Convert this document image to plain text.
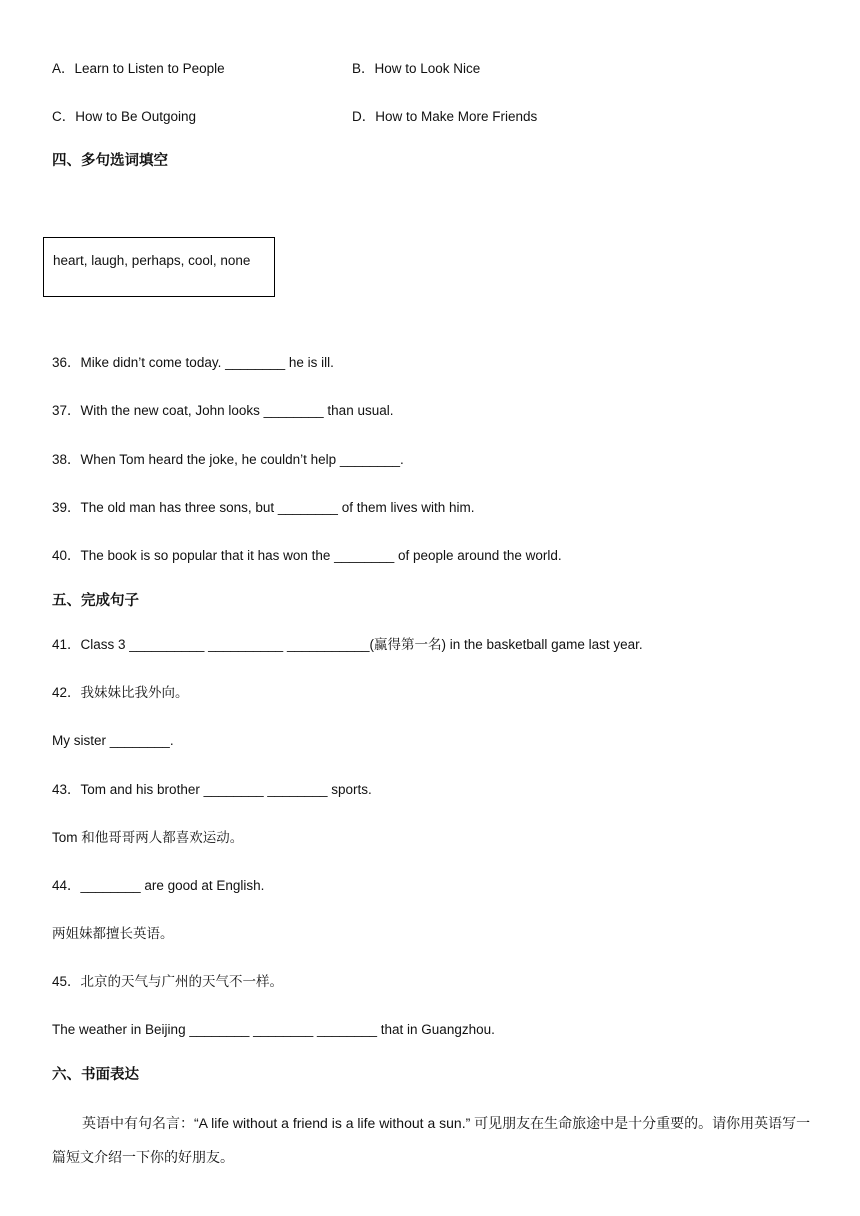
A．Learn to Listen to People	B．How to Look Nice
C．How to Be Outgoing	D．How to Make More Friends
四、多句选词填空
heart, laugh, perhaps, cool, none
36．Mike didn’t come today. ________ he is ill.
37．With the new coat, John looks ________ than usual.
38．When Tom heard the joke, he couldn’t help ________.
39．The old man has three sons, but ________ of them lives with him.
40．The book is so popular that it has won the ________ of people around the world.
五、完成句子
41．Class 3 __________ __________ ___________(赢得第一名) in the basketball game last year.
42．我妹妹比我外向。
My sister ________.
43．Tom and his brother ________ ________ sports.
Tom 和他哥哥两人都喜欢运动。
44．________ are good at English.
两姐妹都擅长英语。
45．北京的天气与广州的天气不一样。
The weather in Beijing ________ ________ ________ that in Guangzhou.
六、书面表达
英语中有句名言：“A life without a friend is a life without a sun.” 可见朋友在生命旅途中是十分重要的。请你用英语写一篇短文介绍一下你的好朋友。
